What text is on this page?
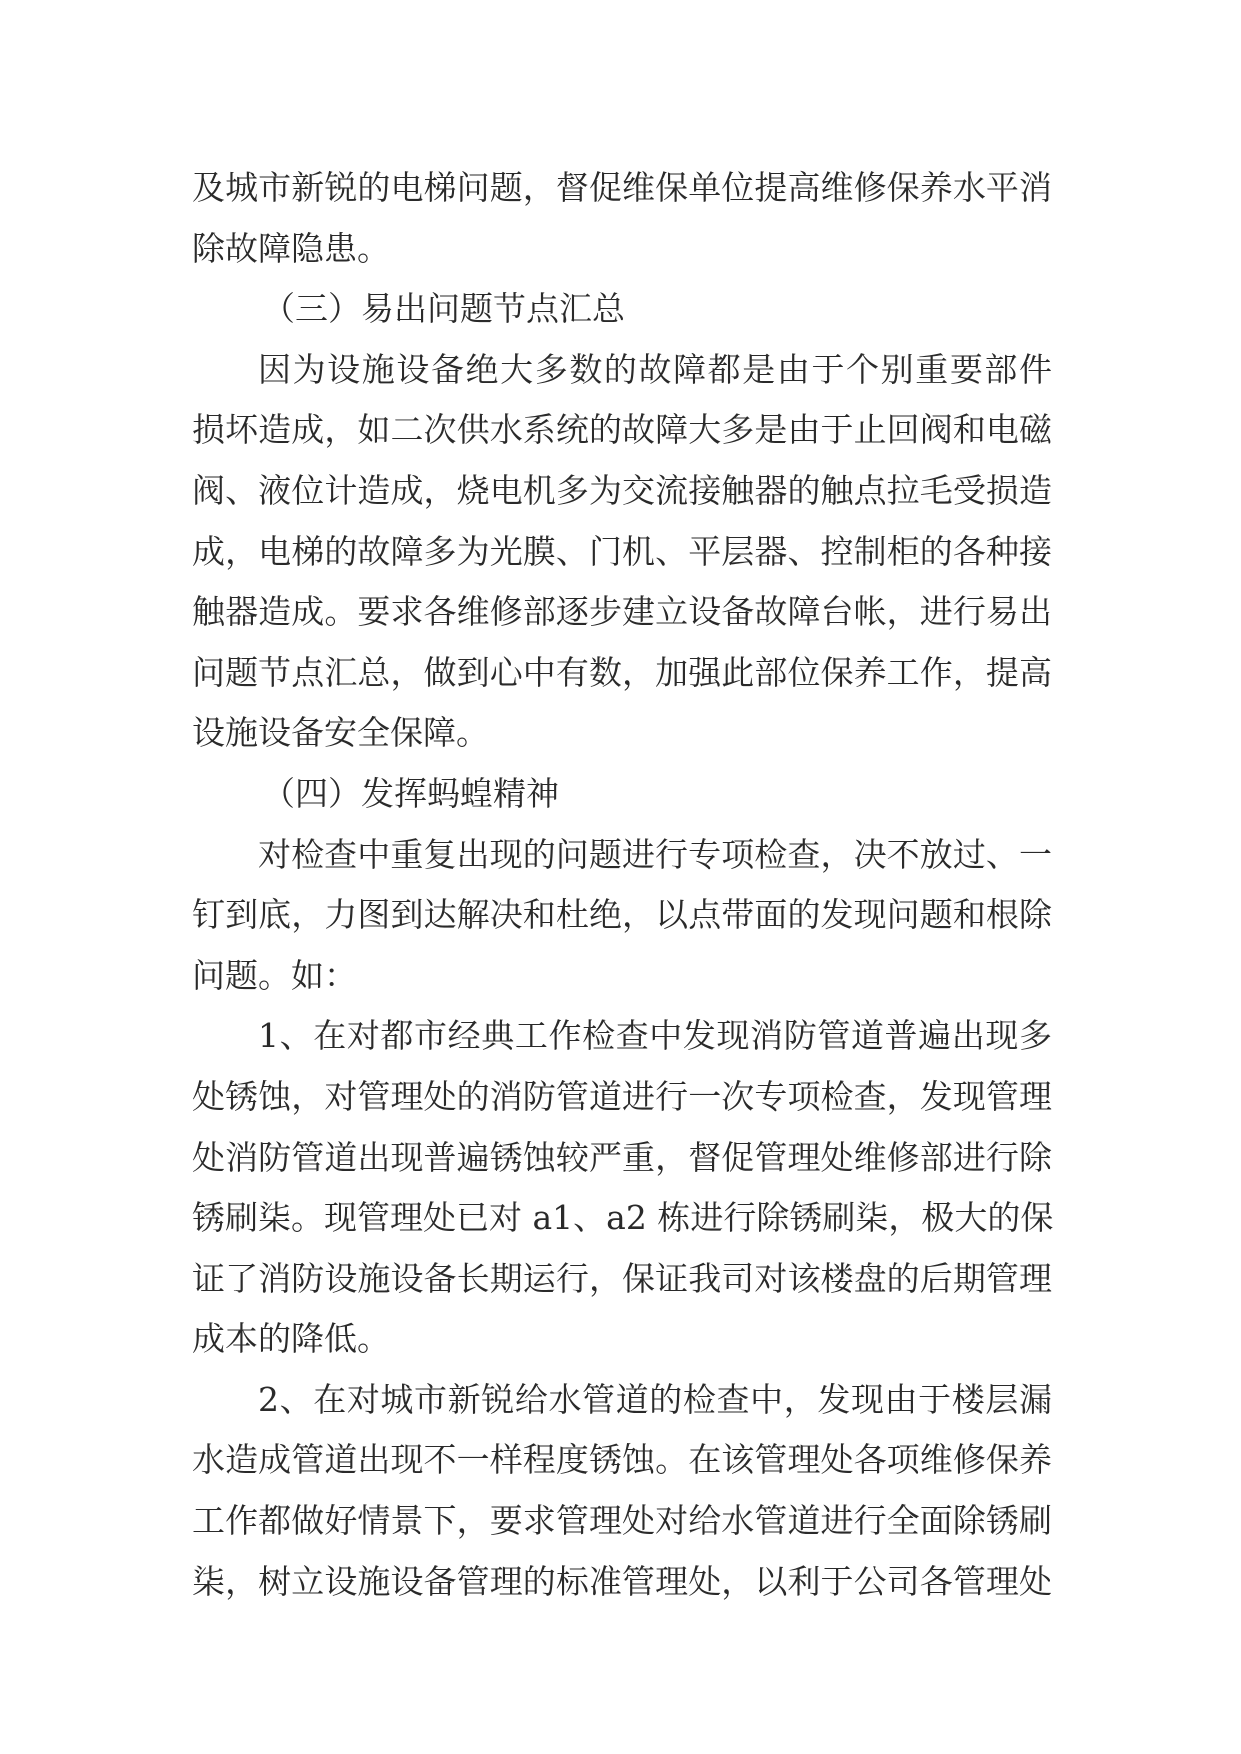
及城市新锐的电梯问题，督促维保单位提高维修保养水平消
除故障隐患。
（三）易出问题节点汇总
因为设施设备绝大多数的故障都是由于个别重要部件
损坏造成，如二次供水系统的故障大多是由于止回阀和电磁
阀、液位计造成，烧电机多为交流接触器的触点拉毛受损造
成，电梯的故障多为光膜、门机、平层器、控制柜的各种接
触器造成。要求各维修部逐步建立设备故障台帐，进行易出
问题节点汇总，做到心中有数，加强此部位保养工作，提高
设施设备安全保障。
（四）发挥蚂蝗精神
对检查中重复出现的问题进行专项检查，决不放过、一
钉到底，力图到达解决和杜绝，以点带面的发现问题和根除
问题。如：
1、在对都市经典工作检查中发现消防管道普遍出现多
处锈蚀，对管理处的消防管道进行一次专项检查，发现管理
处消防管道出现普遍锈蚀较严重，督促管理处维修部进行除
锈刷柒。现管理处已对 a1、a2 栋进行除锈刷柒，极大的保
证了消防设施设备长期运行，保证我司对该楼盘的后期管理
成本的降低。
2、在对城市新锐给水管道的检查中，发现由于楼层漏
水造成管道出现不一样程度锈蚀。在该管理处各项维修保养
工作都做好情景下，要求管理处对给水管道进行全面除锈刷
柒，树立设施设备管理的标准管理处，以利于公司各管理处
